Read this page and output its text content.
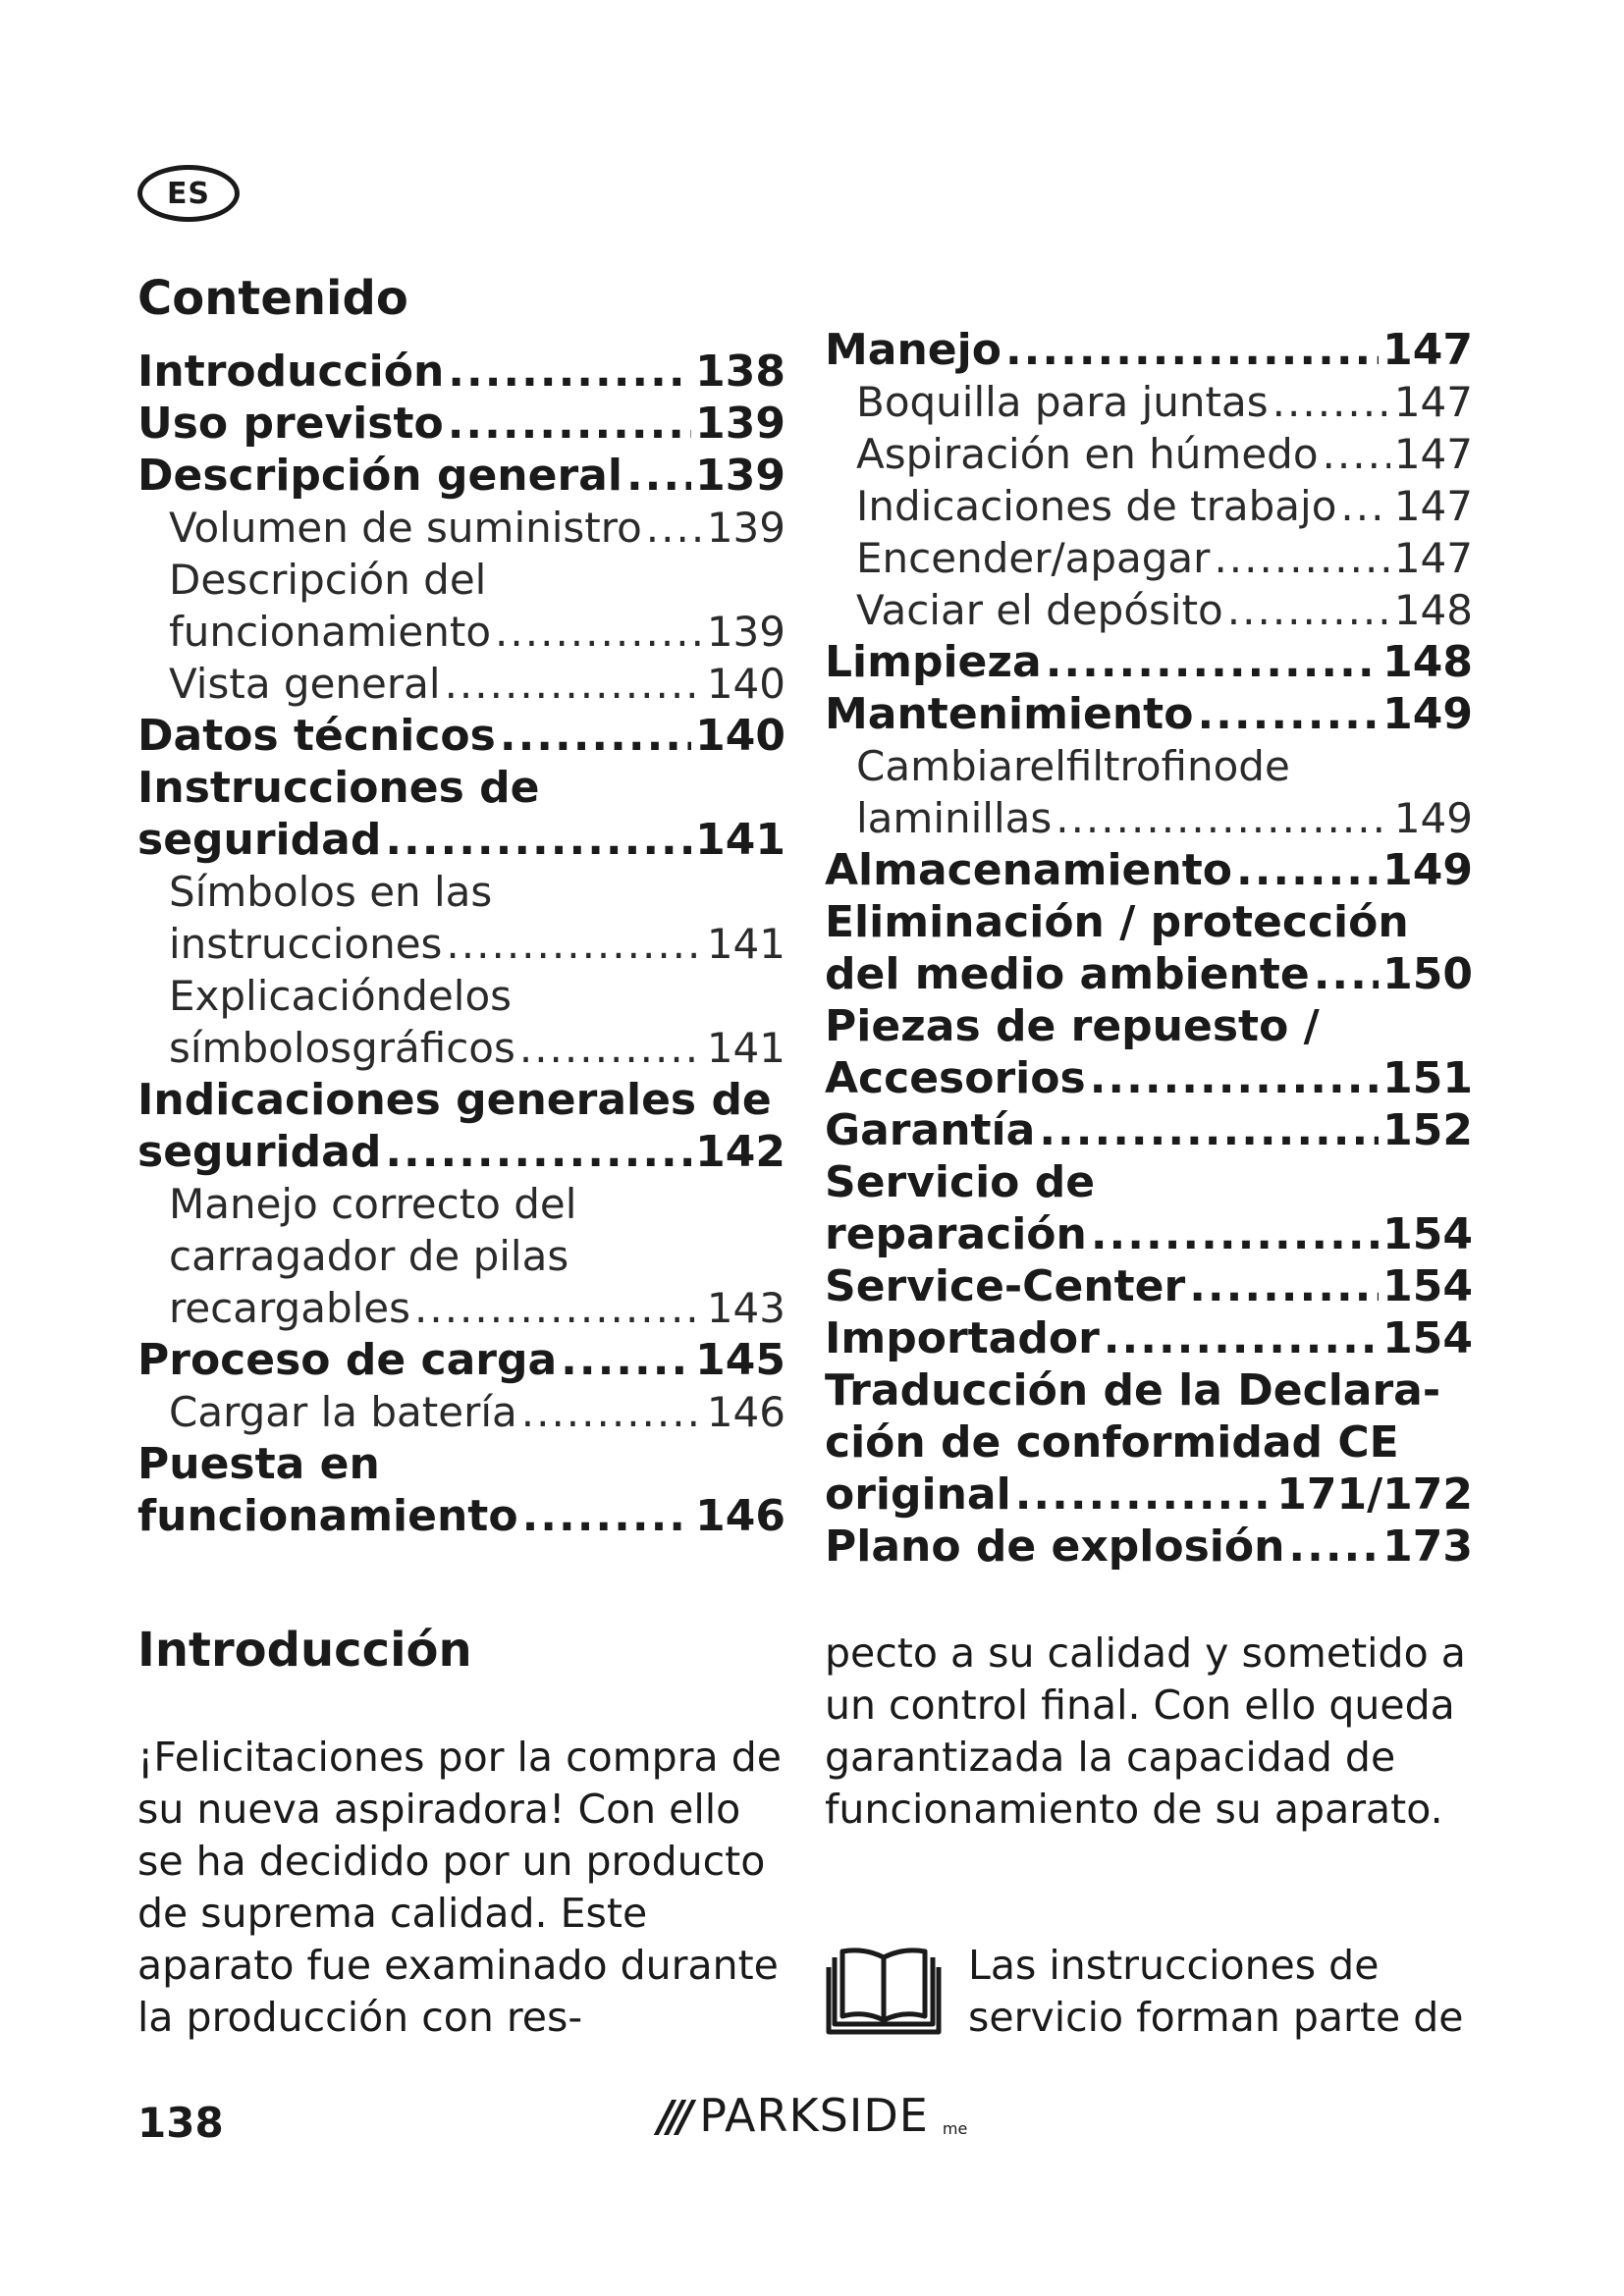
ES
Contenido
Introducción .....	138
Uso previsto .....	139
Descripción general ..... 139
Volumen de suministro ..... 139
Descripción del
funcionamiento .....	139
Vista general .....	140
Datos técnicos .....	140
Instrucciones de
seguridad .....	141
Símbolos en las
instrucciones .....	141
Explicacióndelos
símbolosgráficos .....	141
Indicaciones generales de
seguridad .....	142
Manejo correcto del
carragador de pilas
recargables .....	143
Proceso de carga .....	145
Cargar la batería .....	146
Puesta en
funcionamiento .....	146
Manejo .....	147
Boquilla para juntas .....	147
Aspiración en húmedo ..... 147
Indicaciones de trabajo ..... 147
Encender/apagar .....	147
Vaciar el depósito .....	148
Limpieza .....	148
Mantenimiento .....	149
Cambiarelfiltrofinode
laminillas .....	149
Almacenamiento .....	149
Eliminación / protección
del medio ambiente ..... 150
Piezas de repuesto /
Accesorios .....	151
Garantía .....	152
Servicio de
reparación .....	154
Service-Center .....	154
Importador .....	154
Traducción de la Declara-
ción de conformidad CE
original .....	171/172
Plano de explosión ..... 173
Introducción

¡Felicitaciones por la compra de su nueva aspiradora! Con ello se ha decidido por un producto de suprema calidad. Este aparato fue examinado durante la producción con res-

pecto a su calidad y sometido a un control final. Con ello queda garantizada la capacidad de funcionamiento de su aparato.

Las instrucciones de servicio forman parte de

138	/// PARKSIDE me
